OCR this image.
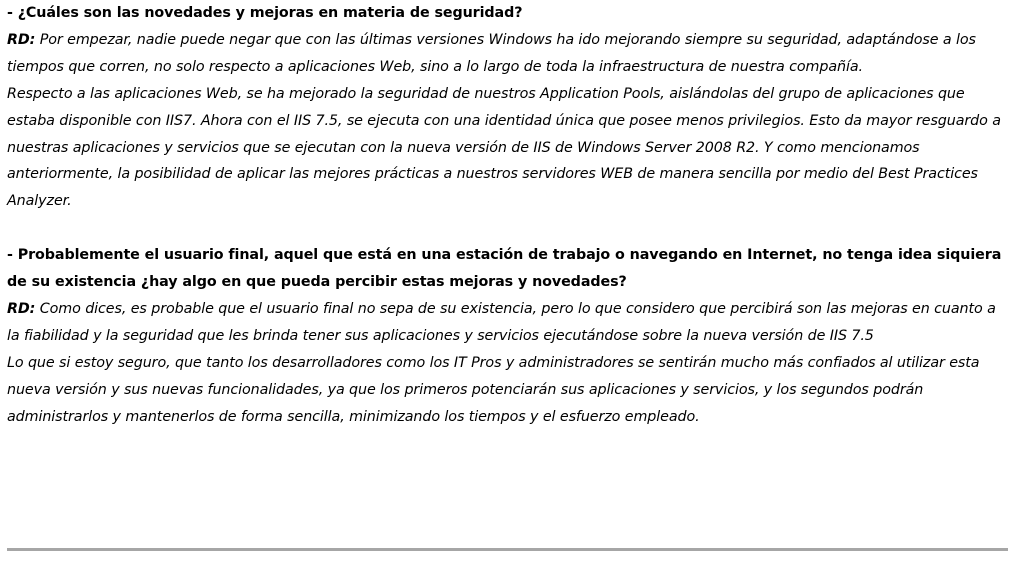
- ¿Cuáles son las novedades y mejoras en materia de seguridad?

RD: Por empezar, nadie puede negar que con las últimas versiones Windows ha ido mejorando siempre su seguridad, adaptándose a los tiempos que corren, no solo respecto a aplicaciones Web, sino a lo largo de toda la infraestructura de nuestra compañía.

Respecto a las aplicaciones Web, se ha mejorado la seguridad de nuestros Application Pools, aislándolas del grupo de aplicaciones que estaba disponible con IIS7. Ahora con el IIS 7.5, se ejecuta con una identidad única que posee menos privilegios. Esto da mayor resguardo a nuestras aplicaciones y servicios que se ejecutan con la nueva versión de IIS de Windows Server 2008 R2. Y como mencionamos anteriormente, la posibilidad de aplicar las mejores prácticas a nuestros servidores WEB de manera sencilla por medio del Best Practices Analyzer.

- Probablemente el usuario final, aquel que está en una estación de trabajo o navegando en Internet, no tenga idea siquiera de su existencia ¿hay algo en que pueda percibir estas mejoras y novedades?

RD: Como dices, es probable que el usuario final no sepa de su existencia, pero lo que considero que percibirá son las mejoras en cuanto a la fiabilidad y la seguridad que les brinda tener sus aplicaciones y servicios ejecutándose sobre la nueva versión de IIS 7.5

Lo que si estoy seguro, que tanto los desarrolladores como los IT Pros y administradores se sentirán mucho más confiados al utilizar esta nueva versión y sus nuevas funcionalidades, ya que los primeros potenciarán sus aplicaciones y servicios, y los segundos podrán administrarlos y mantenerlos de forma sencilla, minimizando los tiempos y el esfuerzo empleado.
